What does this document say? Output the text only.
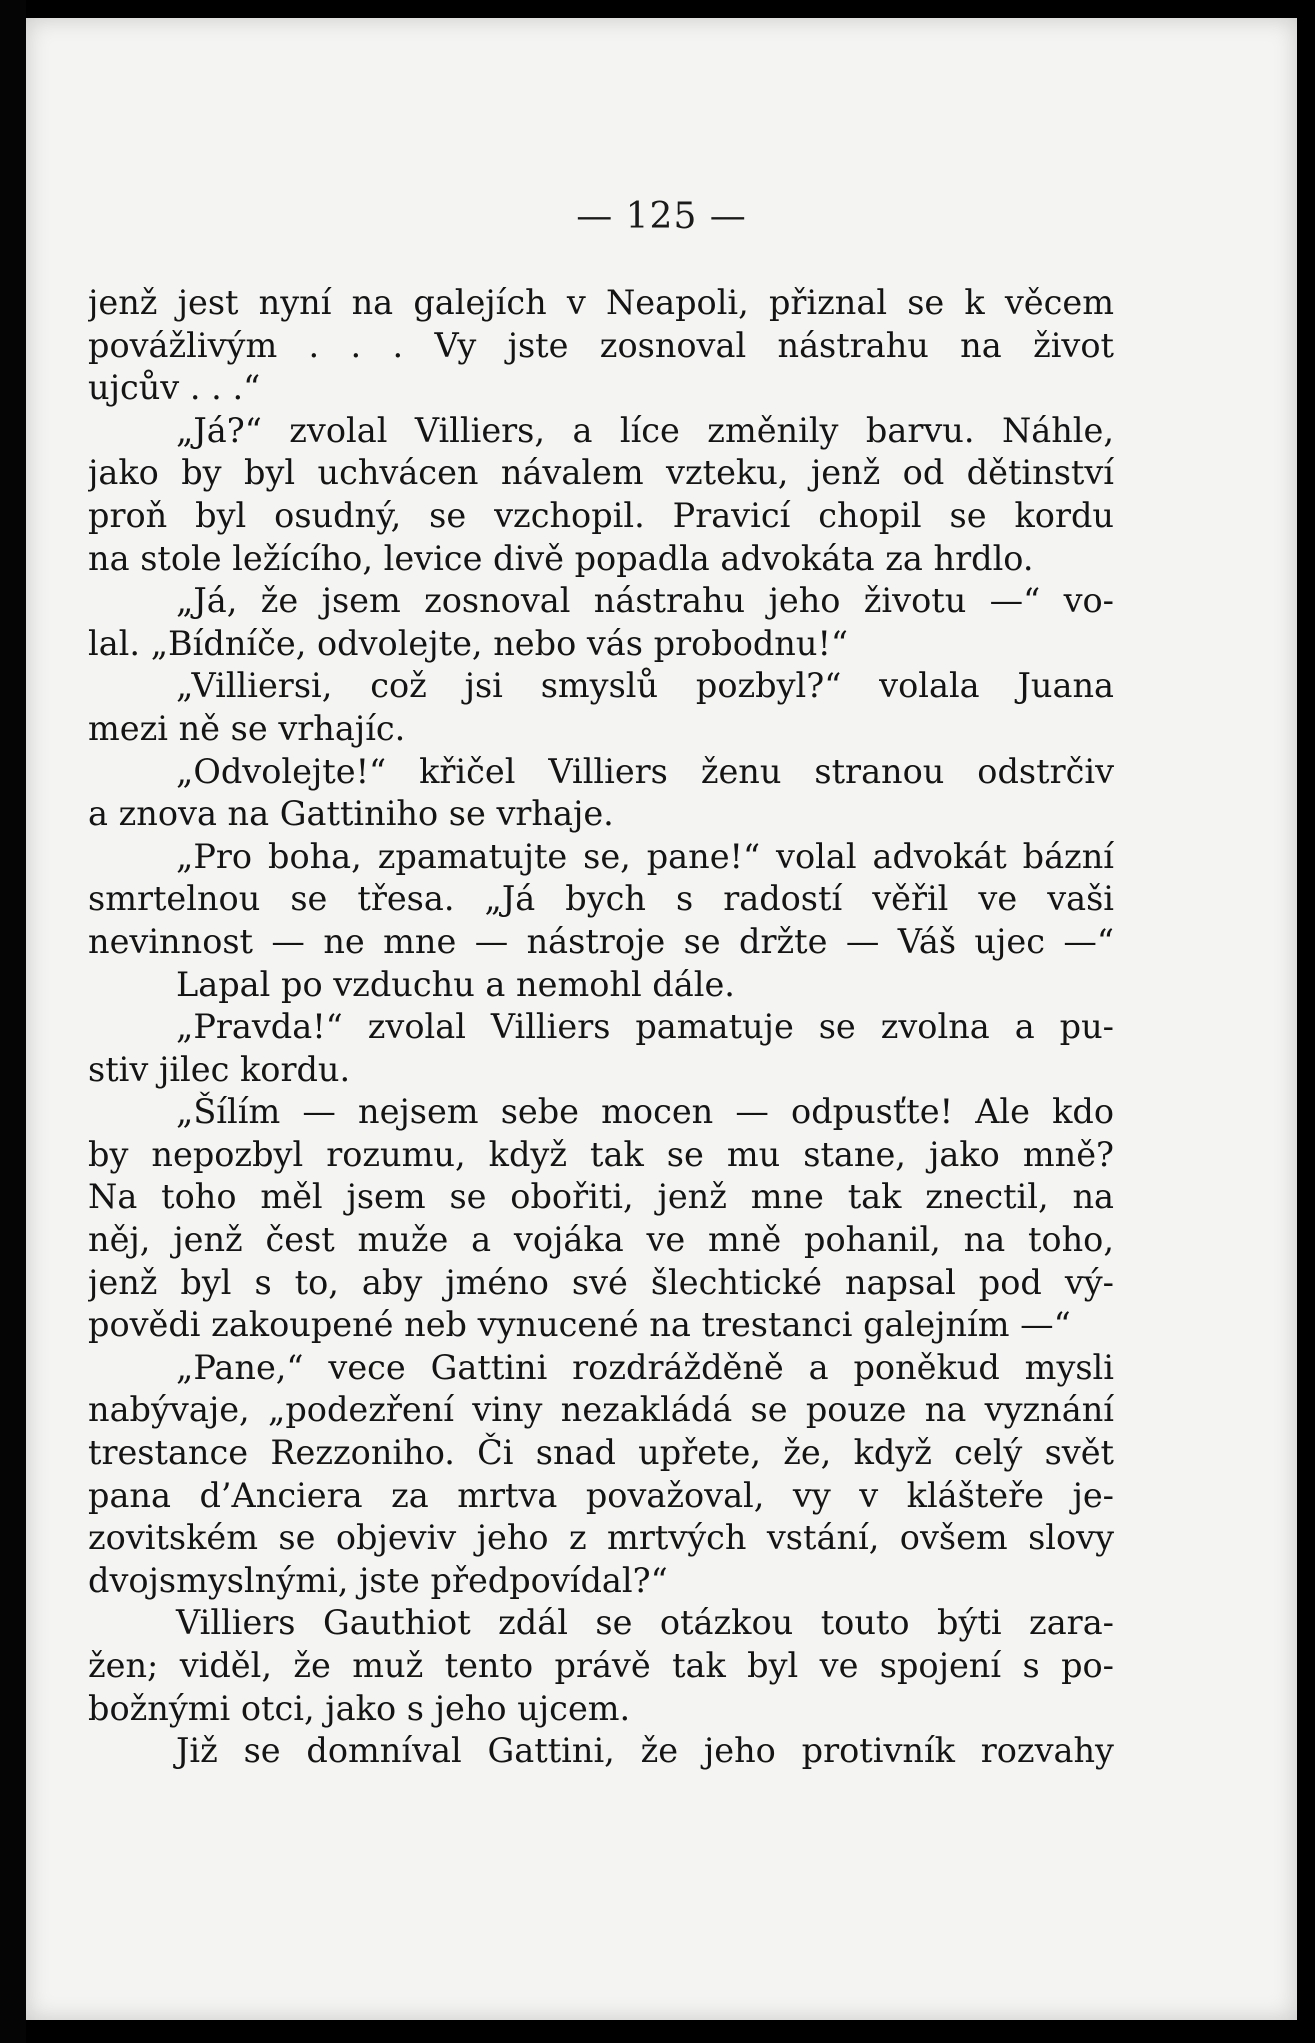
— 125 —
jenž jest nyní na galejích v Neapoli, přiznal se k věcem
povážlivým . . . Vy jste zosnoval nástrahu na život
ujcův . . .“
„Já?“ zvolal Villiers, a líce změnily barvu. Náhle,
jako by byl uchvácen návalem vzteku, jenž od dětinství
proň byl osudný, se vzchopil. Pravicí chopil se kordu
na stole ležícího, levice divě popadla advokáta za hrdlo.
„Já, že jsem zosnoval nástrahu jeho životu —“ vo-
lal. „Bídníče, odvolejte, nebo vás probodnu!“
„Villiersi, což jsi smyslů pozbyl?“ volala Juana
mezi ně se vrhajíc.
„Odvolejte!“ křičel Villiers ženu stranou odstrčiv
a znova na Gattiniho se vrhaje.
„Pro boha, zpamatujte se, pane!“ volal advokát bázní
smrtelnou se třesa. „Já bych s radostí věřil ve vaši
nevinnost — ne mne — nástroje se držte — Váš ujec —“
Lapal po vzduchu a nemohl dále.
„Pravda!“ zvolal Villiers pamatuje se zvolna a pu-
stiv jilec kordu.
„Šílím — nejsem sebe mocen — odpusťte! Ale kdo
by nepozbyl rozumu, když tak se mu stane, jako mně?
Na toho měl jsem se obořiti, jenž mne tak znectil, na
něj, jenž čest muže a vojáka ve mně pohanil, na toho,
jenž byl s to, aby jméno své šlechtické napsal pod vý-
povědi zakoupené neb vynucené na trestanci galejním —“
„Pane,“ vece Gattini rozdrážděně a poněkud mysli
nabývaje, „podezření viny nezakládá se pouze na vyznání
trestance Rezzoniho. Či snad upřete, že, když celý svět
pana d’Anciera za mrtva považoval, vy v klášteře je-
zovitském se objeviv jeho z mrtvých vstání, ovšem slovy
dvojsmyslnými, jste předpovídal?“
Villiers Gauthiot zdál se otázkou touto býti zara-
žen; viděl, že muž tento právě tak byl ve spojení s po-
božnými otci, jako s jeho ujcem.
Již se domníval Gattini, že jeho protivník rozvahy
